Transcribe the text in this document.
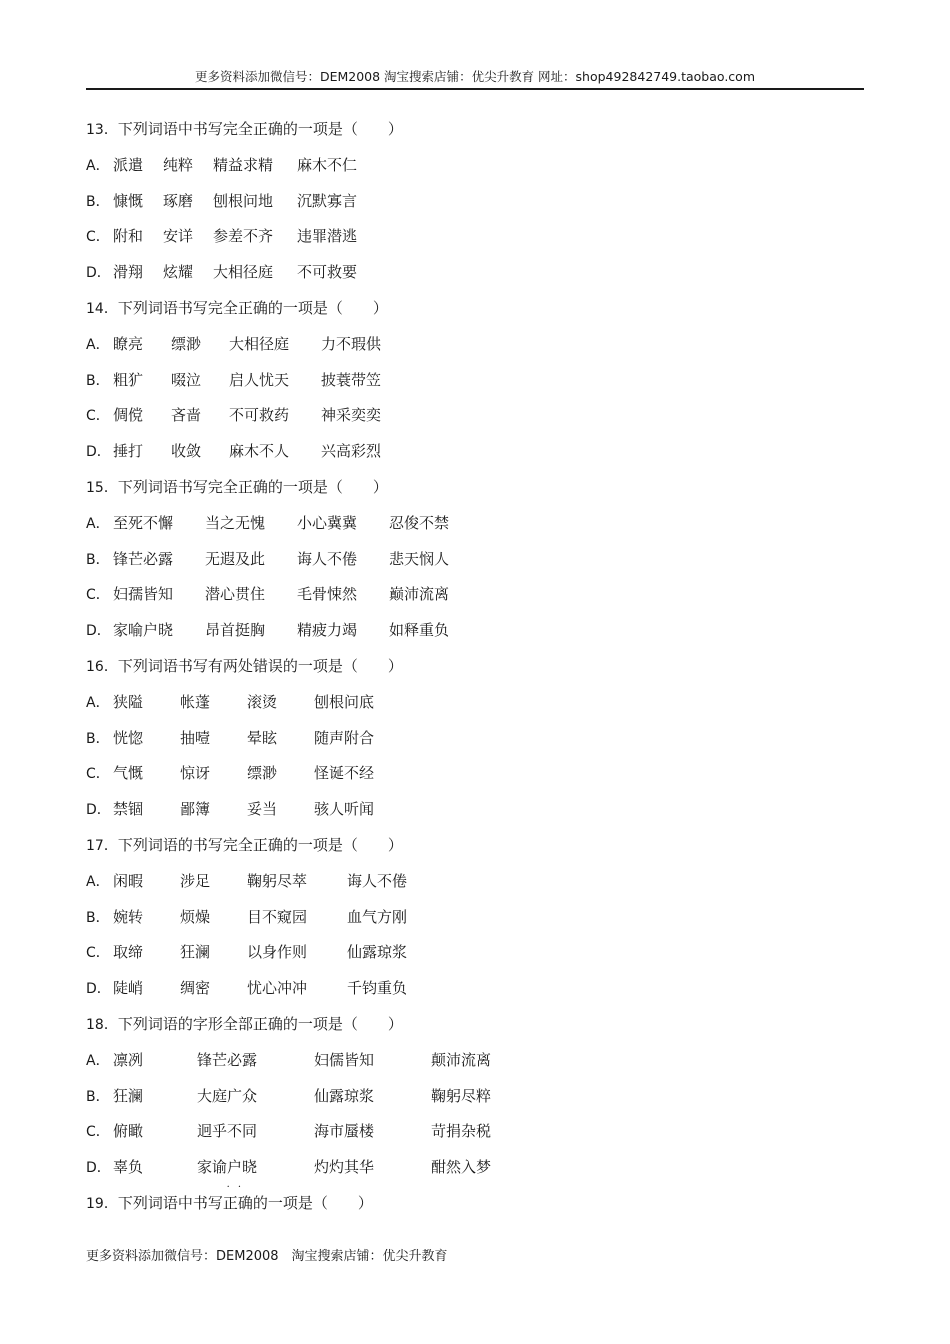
更多资料添加微信号：DEM2008 淘宝搜索店铺：优尖升教育 网址：shop492842749.taobao.com
13．下列词语中书写完全正确的一项是（　　）
A． 派遣 纯粹 精益求精 麻木不仁
B． 慷慨 琢磨 刨根问地 沉默寡言
C． 附和 安详 参差不齐 违罪潜逃
D． 滑翔 炫耀 大相径庭 不可救要
14．下列词语书写完全正确的一项是（　　）
A． 瞭亮 缥渺 大相径庭 力不瑕供
B． 粗犷 啜泣 启人忧天 披蓑带笠
C． 倜傥 吝啬 不可救药 神采奕奕
D． 捶打 收敛 麻木不人 兴高彩烈
15．下列词语书写完全正确的一项是（　　）
A． 至死不懈 当之无愧 小心冀冀 忍俊不禁
B． 锋芒必露 无遐及此 诲人不倦 悲天悯人
C． 妇孺皆知 潜心贯住 毛骨悚然 巅沛流离
D． 家喻户晓 昂首挺胸 精疲力竭 如释重负
16．下列词语书写有两处错误的一项是（　　）
A． 狭隘 帐蓬 滚烫 刨根问底
B． 恍惚 抽噎 晕眩 随声附合
C． 气慨 惊讶 缥渺 怪诞不经
D． 禁锢 鄙簿 妥当 骇人听闻
17．下列词语的书写完全正确的一项是（　　）
A． 闲暇 涉足 鞠躬尽萃	诲人不倦
B． 婉转 烦燥 目不窥园	血气方刚
C． 取缔 狂澜 以身作则	仙露琼浆
D． 陡峭 绸密 忧心冲冲	千钧重负
18．下列词语的字形全部正确的一项是（　　）
A． 凛冽	锋芒必露	妇儒皆知	颠沛流离
B． 狂澜	大庭广众	仙露琼浆	鞠躬尽粹
C． 俯瞰	迥乎不同	海市蜃楼	苛捐杂税
D． 辜负	家谕户晓	灼灼其华	酣然入梦
19．下列词语中书写
··
正确的一项是（　　）
更多资料添加微信号：DEM2008　淘宝搜索店铺：优尖升教育
